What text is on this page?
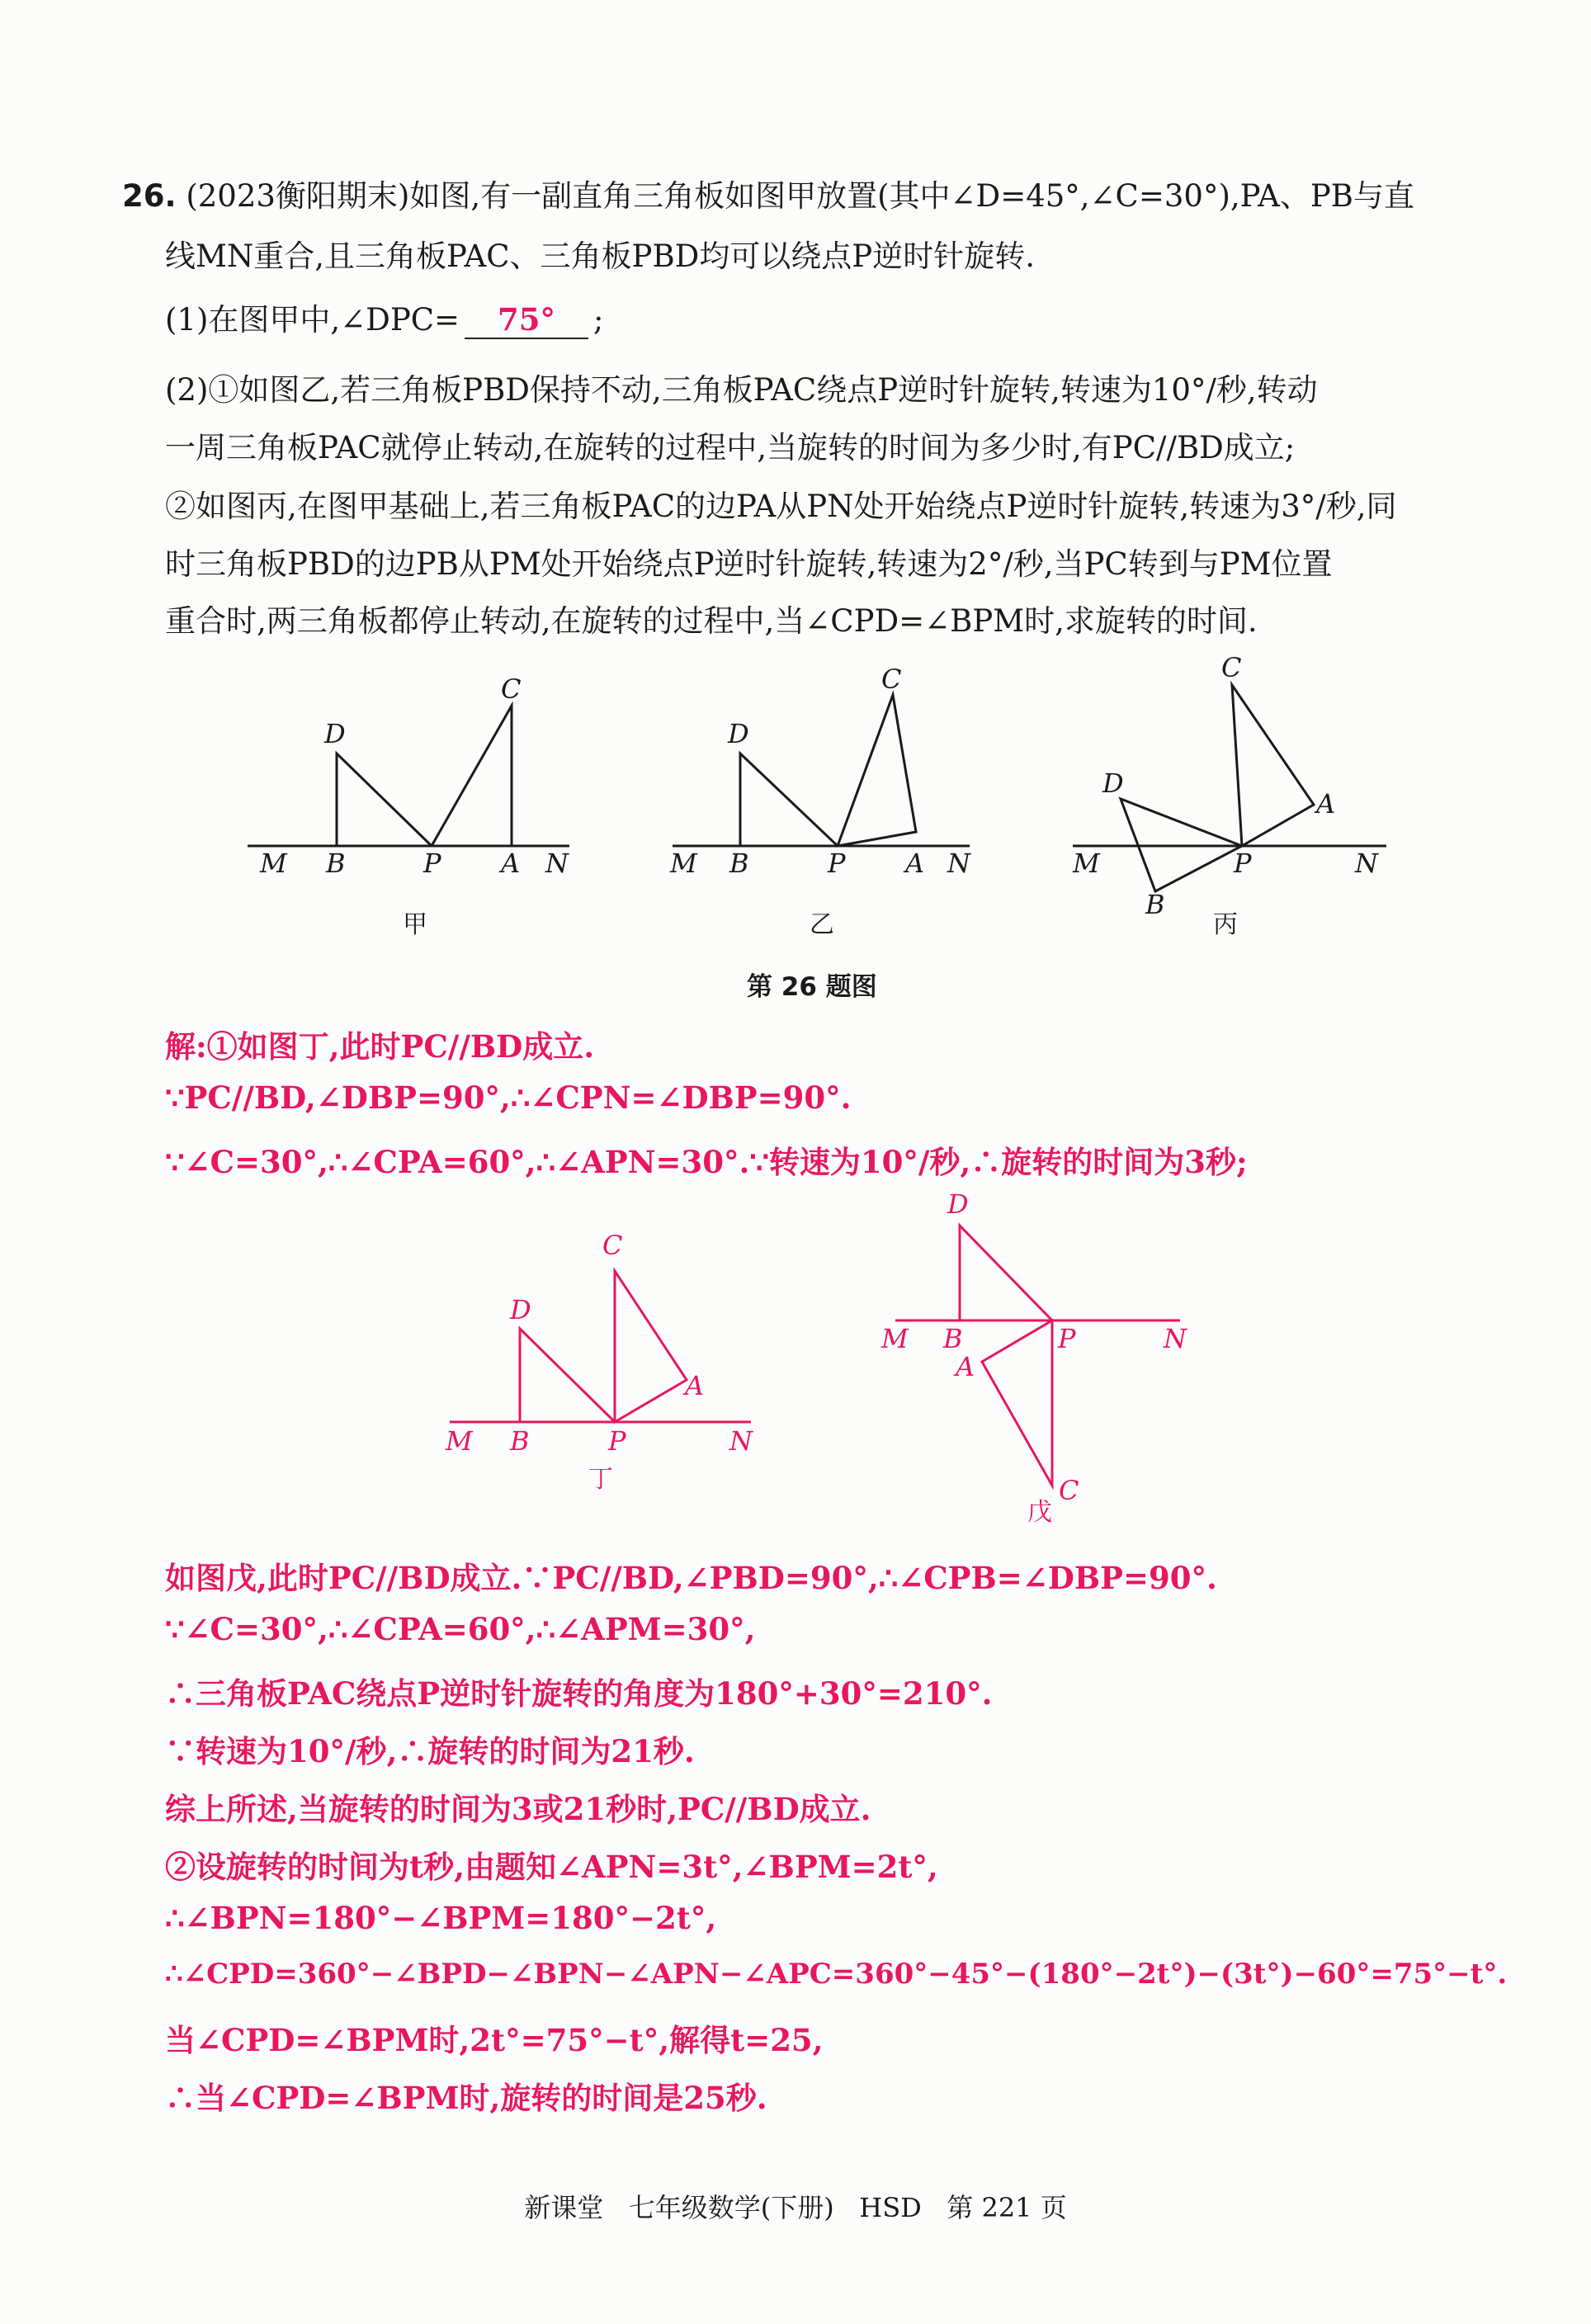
26. (2023衡阳期末)如图,有一副直角三角板如图甲放置(其中∠D=45°,∠C=30°),PA、PB与直
线MN重合,且三角板PAC、三角板PBD均可以绕点P逆时针旋转.
(1)在图甲中,∠DPC= 75° ;
(2)①如图乙,若三角板PBD保持不动,三角板PAC绕点P逆时针旋转,转速为10°/秒,转动
一周三角板PAC就停止转动,在旋转的过程中,当旋转的时间为多少时,有PC//BD成立;
②如图丙,在图甲基础上,若三角板PAC的边PA从PN处开始绕点P逆时针旋转,转速为3°/秒,同
时三角板PBD的边PB从PM处开始绕点P逆时针旋转,转速为2°/秒,当PC转到与PM位置
重合时,两三角板都停止转动,在旋转的过程中,当∠CPD=∠BPM时,求旋转的时间.
M B	P A N
C
D
M B	P A N
C
D
M	P	N
C
D
A
B
甲	乙	丙
第 26 题图
解:①如图丁,此时PC//BD成立.
∵PC//BD,∠DBP=90°,∴∠CPN=∠DBP=90°.
∵∠C=30°,∴∠CPA=60°,∴∠APN=30°.∵转速为10°/秒,∴旋转的时间为3秒;
M B	P	N
D
C
A
M B	P	N
D
A
C
丁
戊
如图戊,此时PC//BD成立.∵PC//BD,∠PBD=90°,∴∠CPB=∠DBP=90°.
∵∠C=30°,∴∠CPA=60°,∴∠APM=30°,
∴三角板PAC绕点P逆时针旋转的角度为180°+30°=210°.
∵转速为10°/秒,∴旋转的时间为21秒.
综上所述,当旋转的时间为3或21秒时,PC//BD成立.
②设旋转的时间为t秒,由题知∠APN=3t°,∠BPM=2t°,
∴∠BPN=180°−∠BPM=180°−2t°,
∴∠CPD=360°−∠BPD−∠BPN−∠APN−∠APC=360°−45°−(180°−2t°)−(3t°)−60°=75°−t°.
当∠CPD=∠BPM时,2t°=75°−t°,解得t=25,
∴当∠CPD=∠BPM时,旋转的时间是25秒.
新课堂   七年级数学(下册)   HSD   第 221 页
